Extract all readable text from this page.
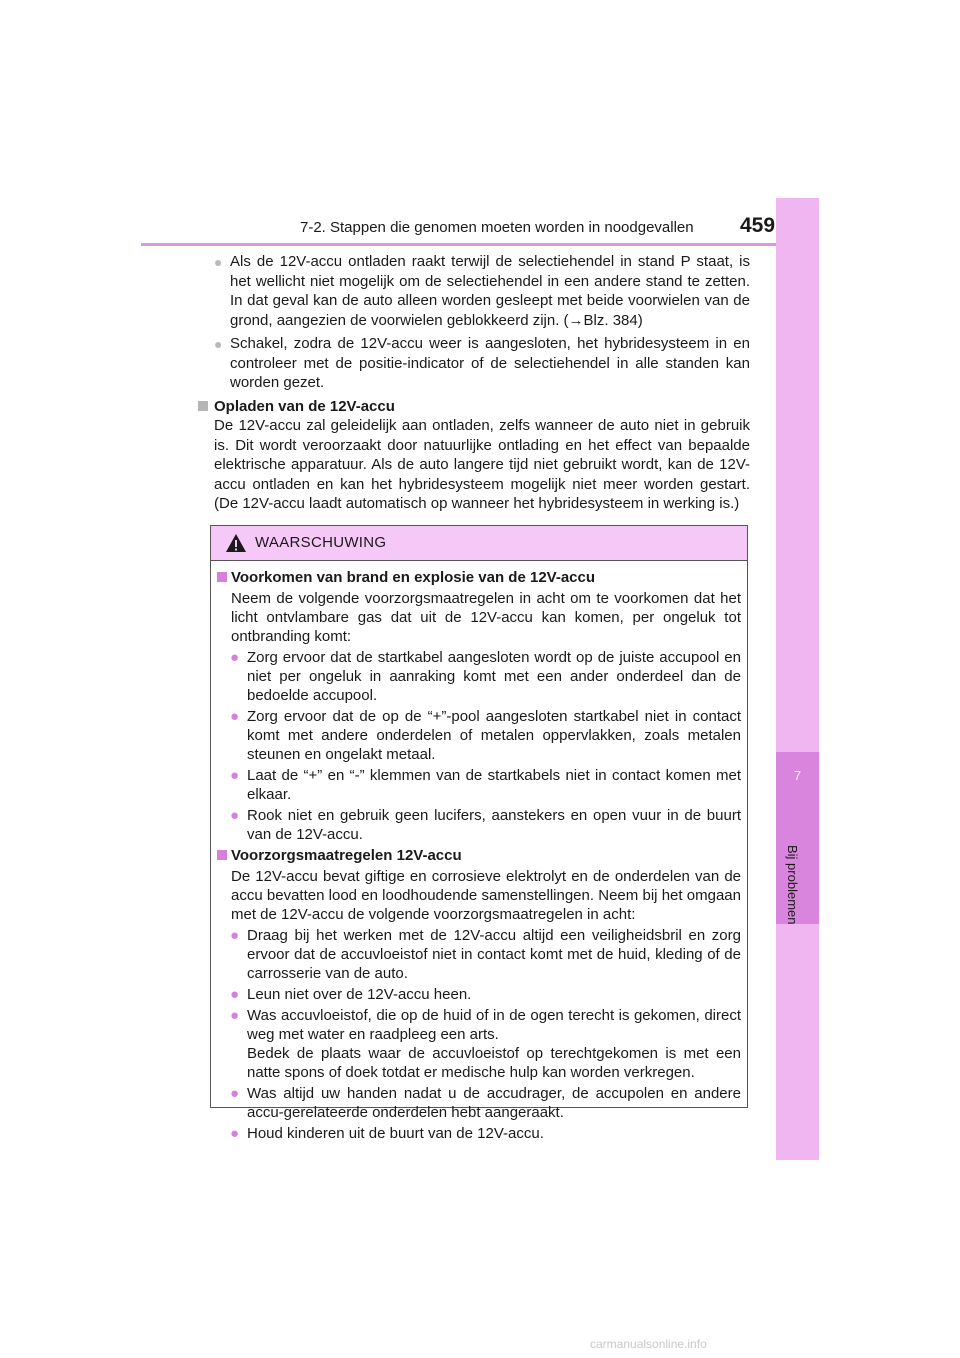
7-2. Stappen die genomen moeten worden in noodgevallen 459
7
Bij problemen
● Als de 12V-accu ontladen raakt terwijl de selectiehendel in stand P staat, is het wellicht niet mogelijk om de selectiehendel in een andere stand te zetten. In dat geval kan de auto alleen worden gesleept met beide voorwielen van de grond, aangezien de voorwielen geblokkeerd zijn. (→Blz. 384)
● Schakel, zodra de 12V-accu weer is aangesloten, het hybridesysteem in en controleer met de positie-indicator of de selectiehendel in alle standen kan worden gezet.
Opladen van de 12V-accu
De 12V-accu zal geleidelijk aan ontladen, zelfs wanneer de auto niet in gebruik is. Dit wordt veroorzaakt door natuurlijke ontlading en het effect van bepaalde elektrische apparatuur. Als de auto langere tijd niet gebruikt wordt, kan de 12V-accu ontladen en kan het hybridesysteem mogelijk niet meer worden gestart. (De 12V-accu laadt automatisch op wanneer het hybridesysteem in werking is.)
WAARSCHUWING
Voorkomen van brand en explosie van de 12V-accu
Neem de volgende voorzorgsmaatregelen in acht om te voorkomen dat het licht ontvlambare gas dat uit de 12V-accu kan komen, per ongeluk tot ontbranding komt:
● Zorg ervoor dat de startkabel aangesloten wordt op de juiste accupool en niet per ongeluk in aanraking komt met een ander onderdeel dan de bedoelde accupool.
● Zorg ervoor dat de op de “+”-pool aangesloten startkabel niet in contact komt met andere onderdelen of metalen oppervlakken, zoals metalen steunen en ongelakt metaal.
● Laat de “+” en “-” klemmen van de startkabels niet in contact komen met elkaar.
● Rook niet en gebruik geen lucifers, aanstekers en open vuur in de buurt van de 12V-accu.
Voorzorgsmaatregelen 12V-accu
De 12V-accu bevat giftige en corrosieve elektrolyt en de onderdelen van de accu bevatten lood en loodhoudende samenstellingen. Neem bij het omgaan met de 12V-accu de volgende voorzorgsmaatregelen in acht:
● Draag bij het werken met de 12V-accu altijd een veiligheidsbril en zorg ervoor dat de accuvloeistof niet in contact komt met de huid, kleding of de carrosserie van de auto.
● Leun niet over de 12V-accu heen.
● Was accuvloeistof, die op de huid of in de ogen terecht is gekomen, direct weg met water en raadpleeg een arts.
Bedek de plaats waar de accuvloeistof op terechtgekomen is met een natte spons of doek totdat er medische hulp kan worden verkregen.
● Was altijd uw handen nadat u de accudrager, de accupolen en andere accu-gerelateerde onderdelen hebt aangeraakt.
● Houd kinderen uit de buurt van de 12V-accu.
carmanualsonline.info
